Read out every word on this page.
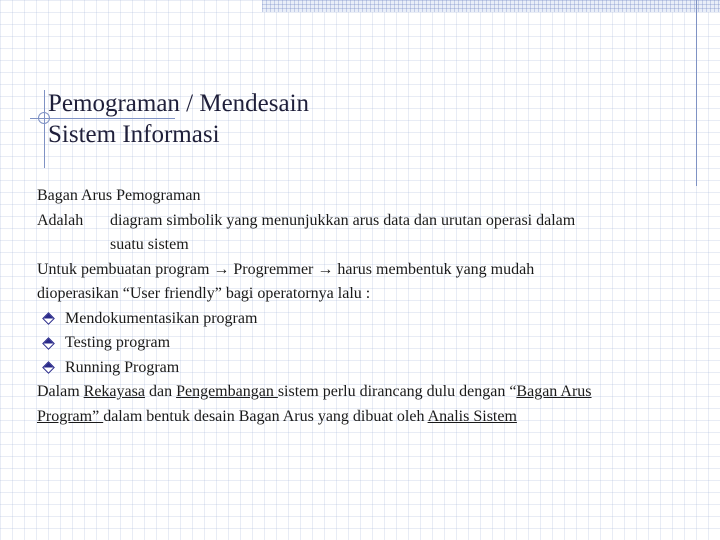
Pemograman / Mendesain
Sistem Informasi
Bagan Arus Pemograman
Adalah	diagram simbolik yang menunjukkan arus data dan urutan operasi dalam
suatu sistem
Untuk pembuatan program → Progremmer → harus membentuk yang mudah
dioperasikan “User friendly” bagi operatornya lalu :
Mendokumentasikan program
Testing program
Running Program
Dalam Rekayasa dan Pengembangan sistem perlu dirancang dulu dengan “Bagan Arus
Program” dalam bentuk desain Bagan Arus yang dibuat oleh Analis Sistem
